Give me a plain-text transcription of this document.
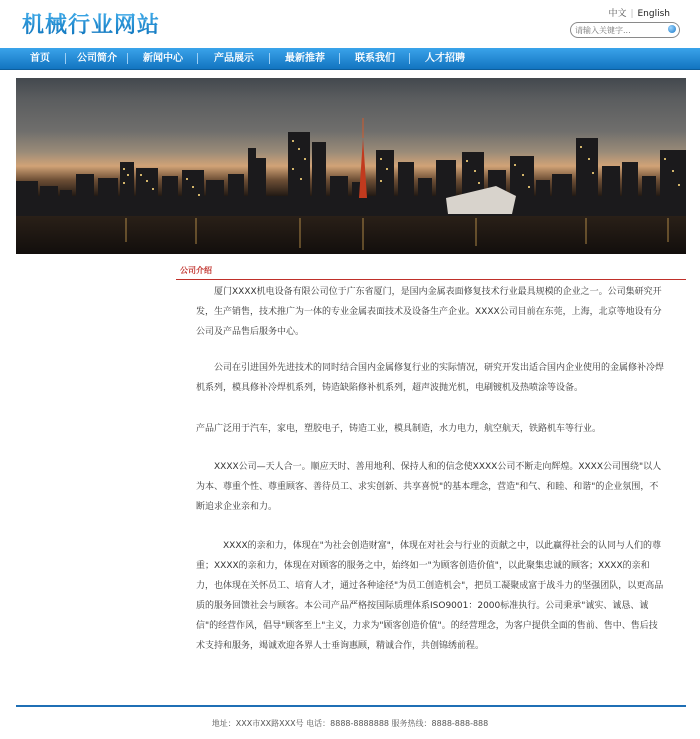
机械行业网站	中文 | English
请输入关键字...
首页	公司简介	新闻中心	产品展示	最新推荐	联系我们	人才招聘
公司介绍

厦门XXXX机电设备有限公司位于广东省厦门，是国内金属表面修复技术行业最具规模的企业之一。公司集研究开发，生产销售，技术推广为一体的专业金属表面技术及设备生产企业。XXXX公司目前在东莞，上海，北京等地设有分公司及产品售后服务中心。

公司在引进国外先进技术的同时结合国内金属修复行业的实际情况，研究开发出适合国内企业使用的金属修补冷焊机系列，模具修补冷焊机系列，铸造缺陷修补机系列，超声波抛光机，电刷镀机及热喷涂等设备。

产品广泛用于汽车，家电，塑胶电子，铸造工业，模具制造，水力电力，航空航天，铁路机车等行业。

XXXX公司—天人合一。顺应天时、善用地利、保持人和的信念使XXXX公司不断走向辉煌。XXXX公司围绕"以人为本、尊重个性、尊重顾客、善待员工、求实创新、共享喜悦"的基本理念，营造"和气、和睦、和谐"的企业氛围，不断追求企业亲和力。

XXXX的亲和力，体现在"为社会创造财富"，体现在对社会与行业的贡献之中，以此赢得社会的认同与人们的尊重；XXXX的亲和力，体现在对顾客的服务之中，始终如一"为顾客创造价值"，以此聚集忠诚的顾客；XXXX的亲和力，也体现在关怀员工、培育人才，通过各种途径"为员工创造机会"，把员工凝聚成富于战斗力的坚强团队，以更高品质的服务回馈社会与顾客。本公司产品严格按国际质理体系ISO9001：2000标准执行。公司秉承"诚实、诚恳、诚信"的经营作风，倡导"顾客至上"主义，力求为"顾客创造价值"。的经营理念，为客户提供全面的售前、售中、售后技术支持和服务，竭诚欢迎各界人士垂询惠顾，精诚合作，共创锦绣前程。

地址：XXX市XX路XXX号 电话：8888-8888888 服务热线：8888-888-888
